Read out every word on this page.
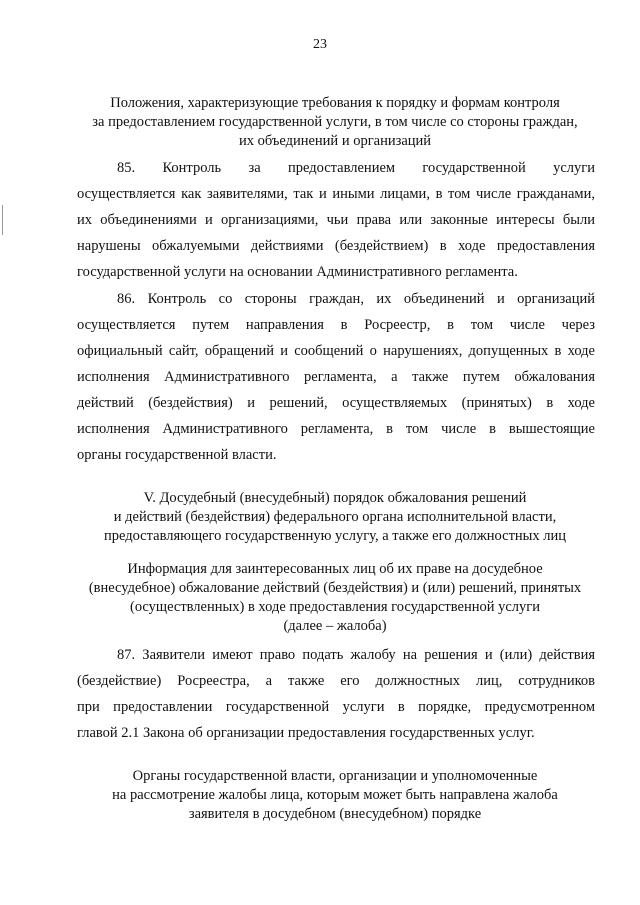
23
Положения, характеризующие требования к порядку и формам контроля
за предоставлением государственной услуги, в том числе со стороны граждан,
их объединений и организаций
85. Контроль за предоставлением государственной услуги
осуществляется как заявителями, так и иными лицами, в том числе гражданами,
их объединениями и организациями, чьи права или законные интересы были
нарушены обжалуемыми действиями (бездействием) в ходе предоставления
государственной услуги на основании Административного регламента.
86. Контроль со стороны граждан, их объединений и организаций
осуществляется путем направления в Росреестр, в том числе через
официальный сайт, обращений и сообщений о нарушениях, допущенных в ходе
исполнения Административного регламента, а также путем обжалования
действий (бездействия) и решений, осуществляемых (принятых) в ходе
исполнения Административного регламента, в том числе в вышестоящие
органы государственной власти.
V. Досудебный (внесудебный) порядок обжалования решений
и действий (бездействия) федерального органа исполнительной власти,
предоставляющего государственную услугу, а также его должностных лиц
Информация для заинтересованных лиц об их праве на досудебное
(внесудебное) обжалование действий (бездействия) и (или) решений, принятых
(осуществленных) в ходе предоставления государственной услуги
(далее – жалоба)
87. Заявители имеют право подать жалобу на решения и (или) действия
(бездействие) Росреестра, а также его должностных лиц, сотрудников
при предоставлении государственной услуги в порядке, предусмотренном
главой 2.1 Закона об организации предоставления государственных услуг.
Органы государственной власти, организации и уполномоченные
на рассмотрение жалобы лица, которым может быть направлена жалоба
заявителя в досудебном (внесудебном) порядке
